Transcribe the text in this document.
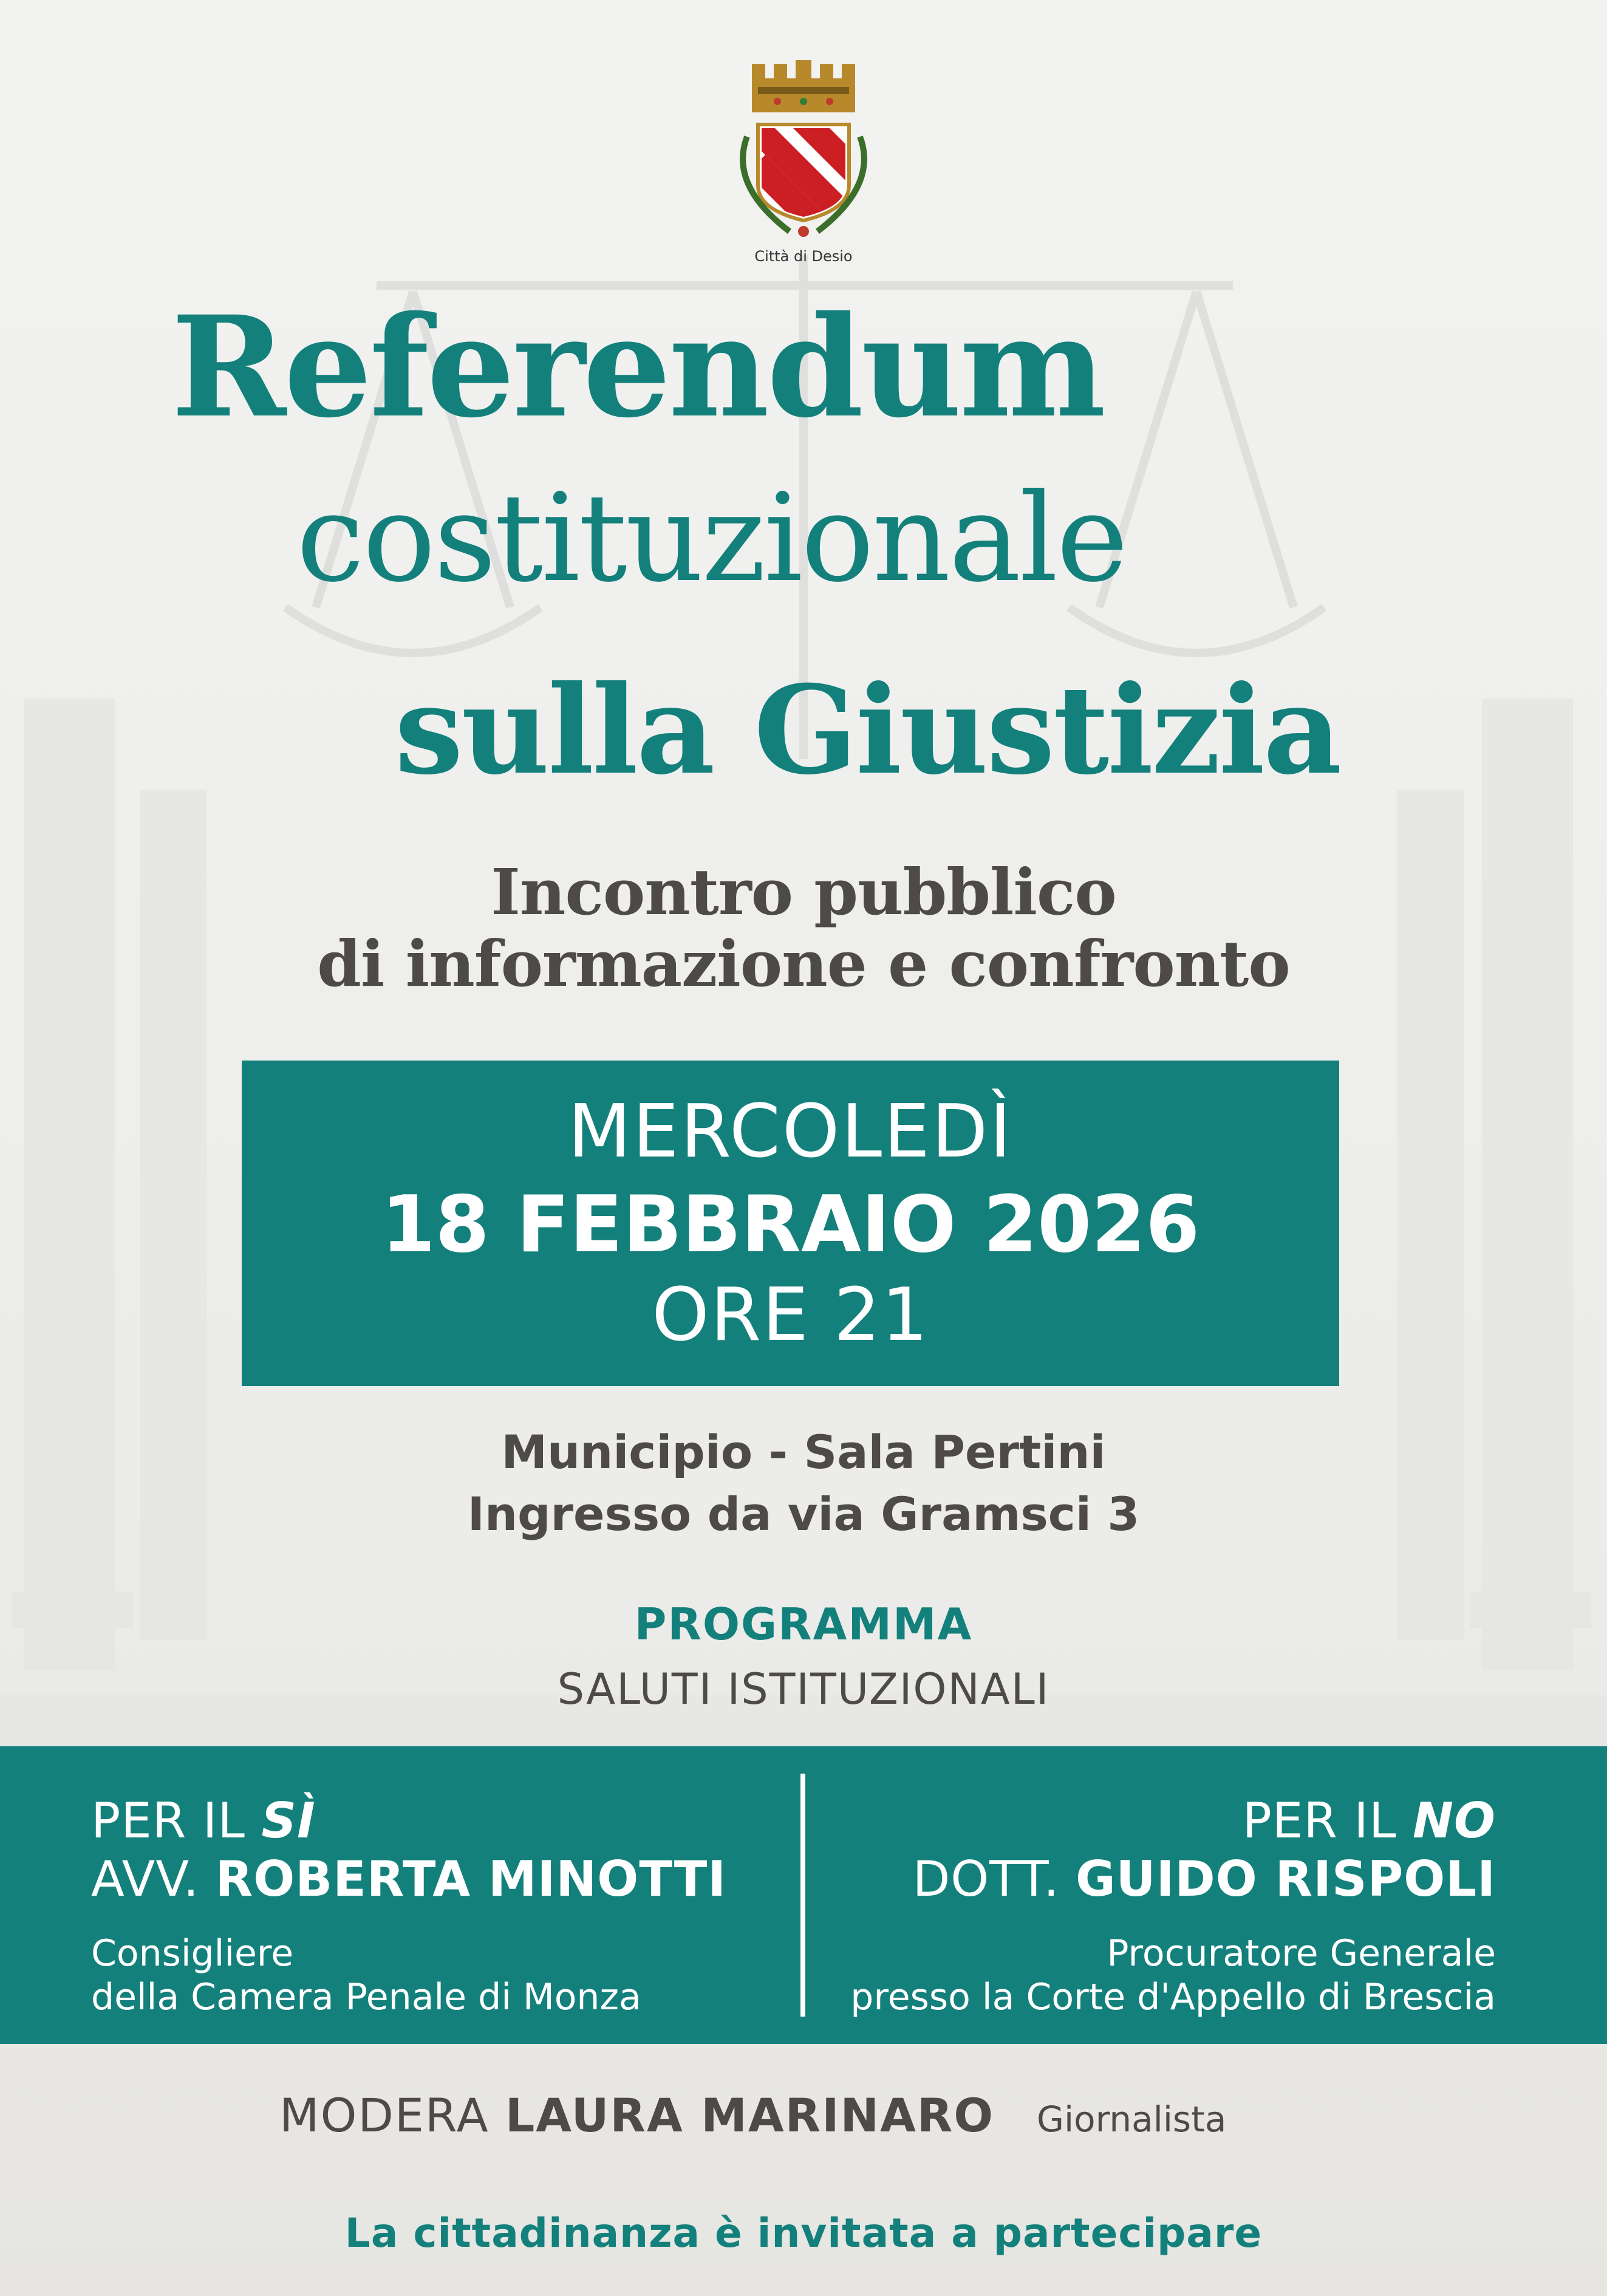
Città di Desio
Referendum
costituzionale
sulla Giustizia
Incontro pubblico
di informazione e confronto
MERCOLEDÌ
18 FEBBRAIO 2026
ORE 21
Municipio - Sala Pertini
Ingresso da via Gramsci 3
PROGRAMMA
SALUTI ISTITUZIONALI
PER IL SÌ
AVV. ROBERTA MINOTTI
Consigliere
della Camera Penale di Monza
PER IL NO
DOTT. GUIDO RISPOLI
Procuratore Generale
presso la Corte d'Appello di Brescia
MODERA LAURA MARINARO Giornalista
La cittadinanza è invitata a partecipare
